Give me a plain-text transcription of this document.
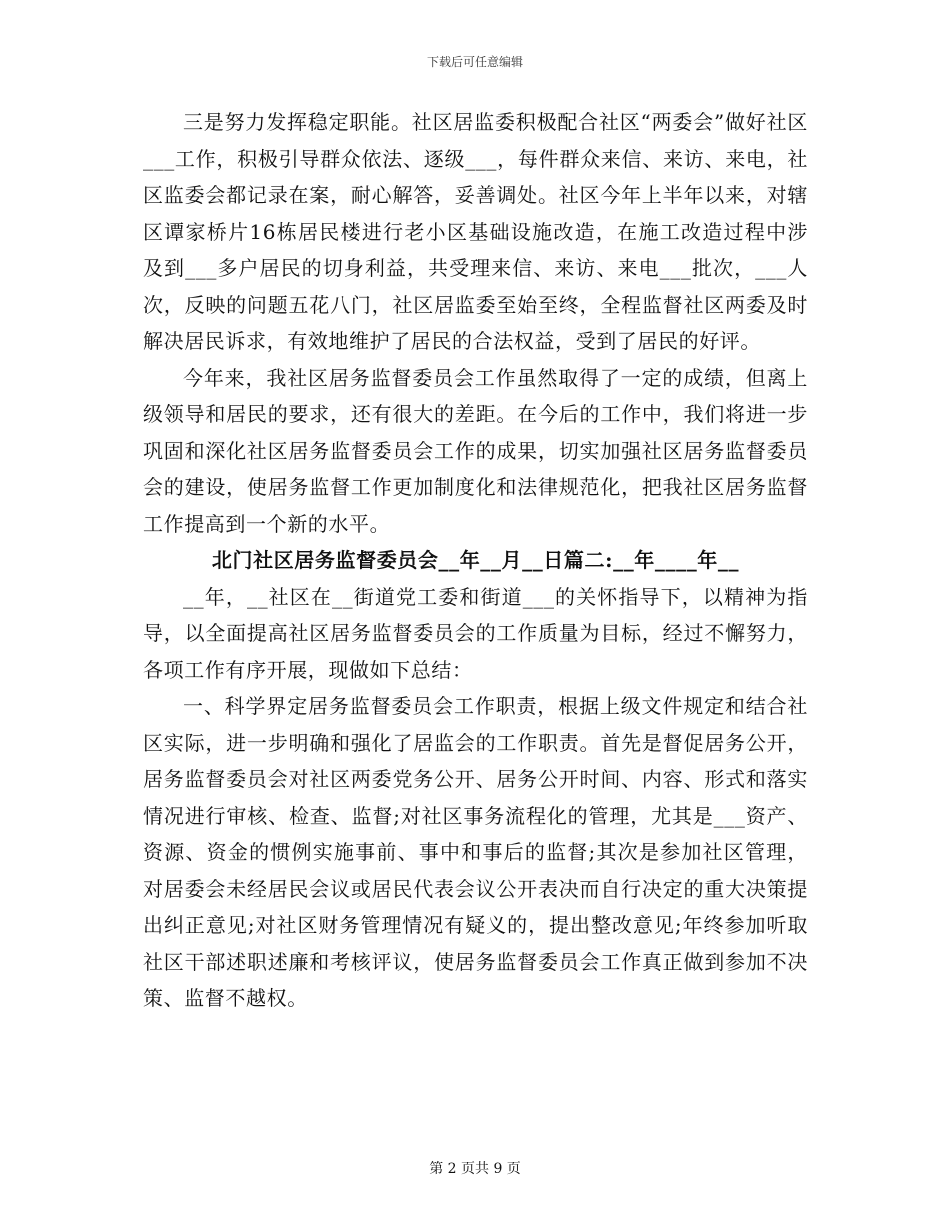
下载后可任意编辑

三是努力发挥稳定职能。社区居监委积极配合社区“两委会”做好社区___工作，积极引导群众依法、逐级___，每件群众来信、来访、来电，社区监委会都记录在案，耐心解答，妥善调处。社区今年上半年以来，对辖区谭家桥片16栋居民楼进行老小区基础设施改造，在施工改造过程中涉及到___多户居民的切身利益，共受理来信、来访、来电___批次，___人次，反映的问题五花八门，社区居监委至始至终，全程监督社区两委及时解决居民诉求，有效地维护了居民的合法权益，受到了居民的好评。

今年来，我社区居务监督委员会工作虽然取得了一定的成绩，但离上级领导和居民的要求，还有很大的差距。在今后的工作中，我们将进一步巩固和深化社区居务监督委员会工作的成果，切实加强社区居务监督委员会的建设，使居务监督工作更加制度化和法律规范化，把我社区居务监督工作提高到一个新的水平。

北门社区居务监督委员会__年__月__日篇二:__年____年__

__年，__社区在__街道党工委和街道___的关怀指导下，以精神为指导，以全面提高社区居务监督委员会的工作质量为目标，经过不懈努力，各项工作有序开展，现做如下总结：

一、科学界定居务监督委员会工作职责，根据上级文件规定和结合社区实际，进一步明确和强化了居监会的工作职责。首先是督促居务公开，居务监督委员会对社区两委党务公开、居务公开时间、内容、形式和落实情况进行审核、检查、监督;对社区事务流程化的管理，尤其是___资产、资源、资金的惯例实施事前、事中和事后的监督;其次是参加社区管理，对居委会未经居民会议或居民代表会议公开表决而自行决定的重大决策提出纠正意见;对社区财务管理情况有疑义的，提出整改意见;年终参加听取社区干部述职述廉和考核评议，使居务监督委员会工作真正做到参加不决策、监督不越权。

第 2 页共 9 页
